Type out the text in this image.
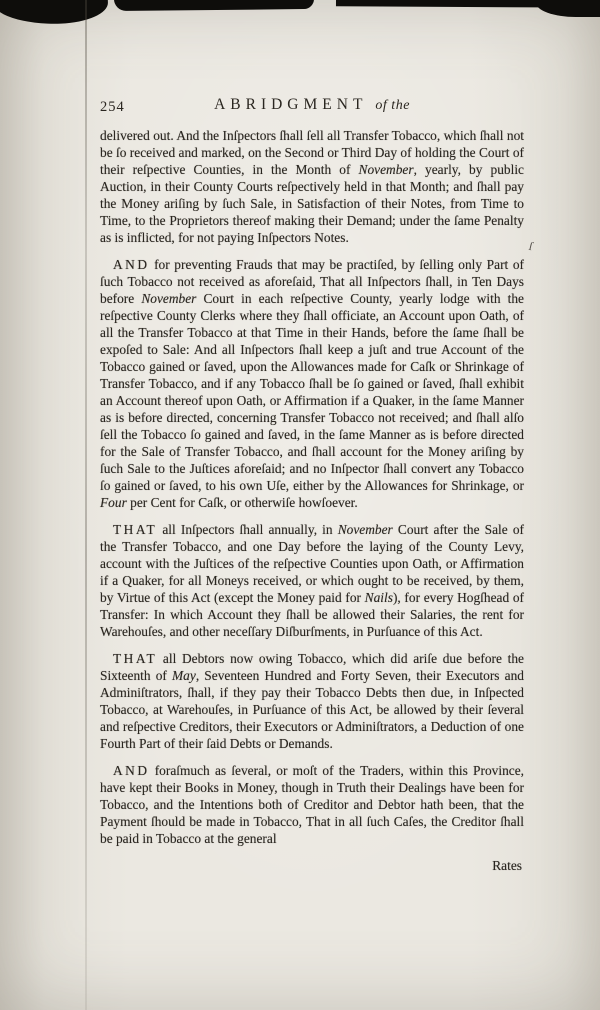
254	ABRIDGMENT of the

delivered out. And the Inſpectors ſhall ſell all Transfer Tobacco, which ſhall not be ſo received and marked, on the Second or Third Day of holding the Court of their reſpective Counties, in the Month of November, yearly, by public Auction, in their County Courts reſpectively held in that Month; and ſhall pay the Money ariſing by ſuch Sale, in Satisfaction of their Notes, from Time to Time, to the Proprietors thereof making their Demand; under the ſame Penalty as is inflicted, for not paying Inſpectors Notes.

AND for preventing Frauds that may be practiſed, by ſelling only Part of ſuch Tobacco not received as aforeſaid, That all Inſpectors ſhall, in Ten Days before November Court in each reſpective County, yearly lodge with the reſpective County Clerks where they ſhall officiate, an Account upon Oath, of all the Transfer Tobacco at that Time in their Hands, before the ſame ſhall be expoſed to Sale: And all Inſpectors ſhall keep a juſt and true Account of the Tobacco gained or ſaved, upon the Allowances made for Caſk or Shrinkage of Transfer Tobacco, and if any Tobacco ſhall be ſo gained or ſaved, ſhall exhibit an Account thereof upon Oath, or Affirmation if a Quaker, in the ſame Manner as is before directed, concerning Transfer Tobacco not received; and ſhall alſo ſell the Tobacco ſo gained and ſaved, in the ſame Manner as is before directed for the Sale of Transfer Tobacco, and ſhall account for the Money ariſing by ſuch Sale to the Juſtices aforeſaid; and no Inſpector ſhall convert any Tobacco ſo gained or ſaved, to his own Uſe, either by the Allowances for Shrinkage, or Four per Cent for Caſk, or otherwiſe howſoever.

THAT all Inſpectors ſhall annually, in November Court after the Sale of the Transfer Tobacco, and one Day before the laying of the County Levy, account with the Juſtices of the reſpective Counties upon Oath, or Affirmation if a Quaker, for all Moneys received, or which ought to be received, by them, by Virtue of this Act (except the Money paid for Nails), for every Hogſhead of Transfer: In which Account they ſhall be allowed their Salaries, the rent for Warehouſes, and other neceſſary Diſburſments, in Purſuance of this Act.

THAT all Debtors now owing Tobacco, which did ariſe due before the Sixteenth of May, Seventeen Hundred and Forty Seven, their Executors and Adminiſtrators, ſhall, if they pay their Tobacco Debts then due, in Inſpected Tobacco, at Warehouſes, in Purſuance of this Act, be allowed by their ſeveral and reſpective Creditors, their Executors or Adminiſtrators, a Deduction of one Fourth Part of their ſaid Debts or Demands.

AND foraſmuch as ſeveral, or moſt of the Traders, within this Province, have kept their Books in Money, though in Truth their Dealings have been for Tobacco, and the Intentions both of Creditor and Debtor hath been, that the Payment ſhould be made in Tobacco, That in all ſuch Caſes, the Creditor ſhall be paid in Tobacco at the general

Rates
ſ
